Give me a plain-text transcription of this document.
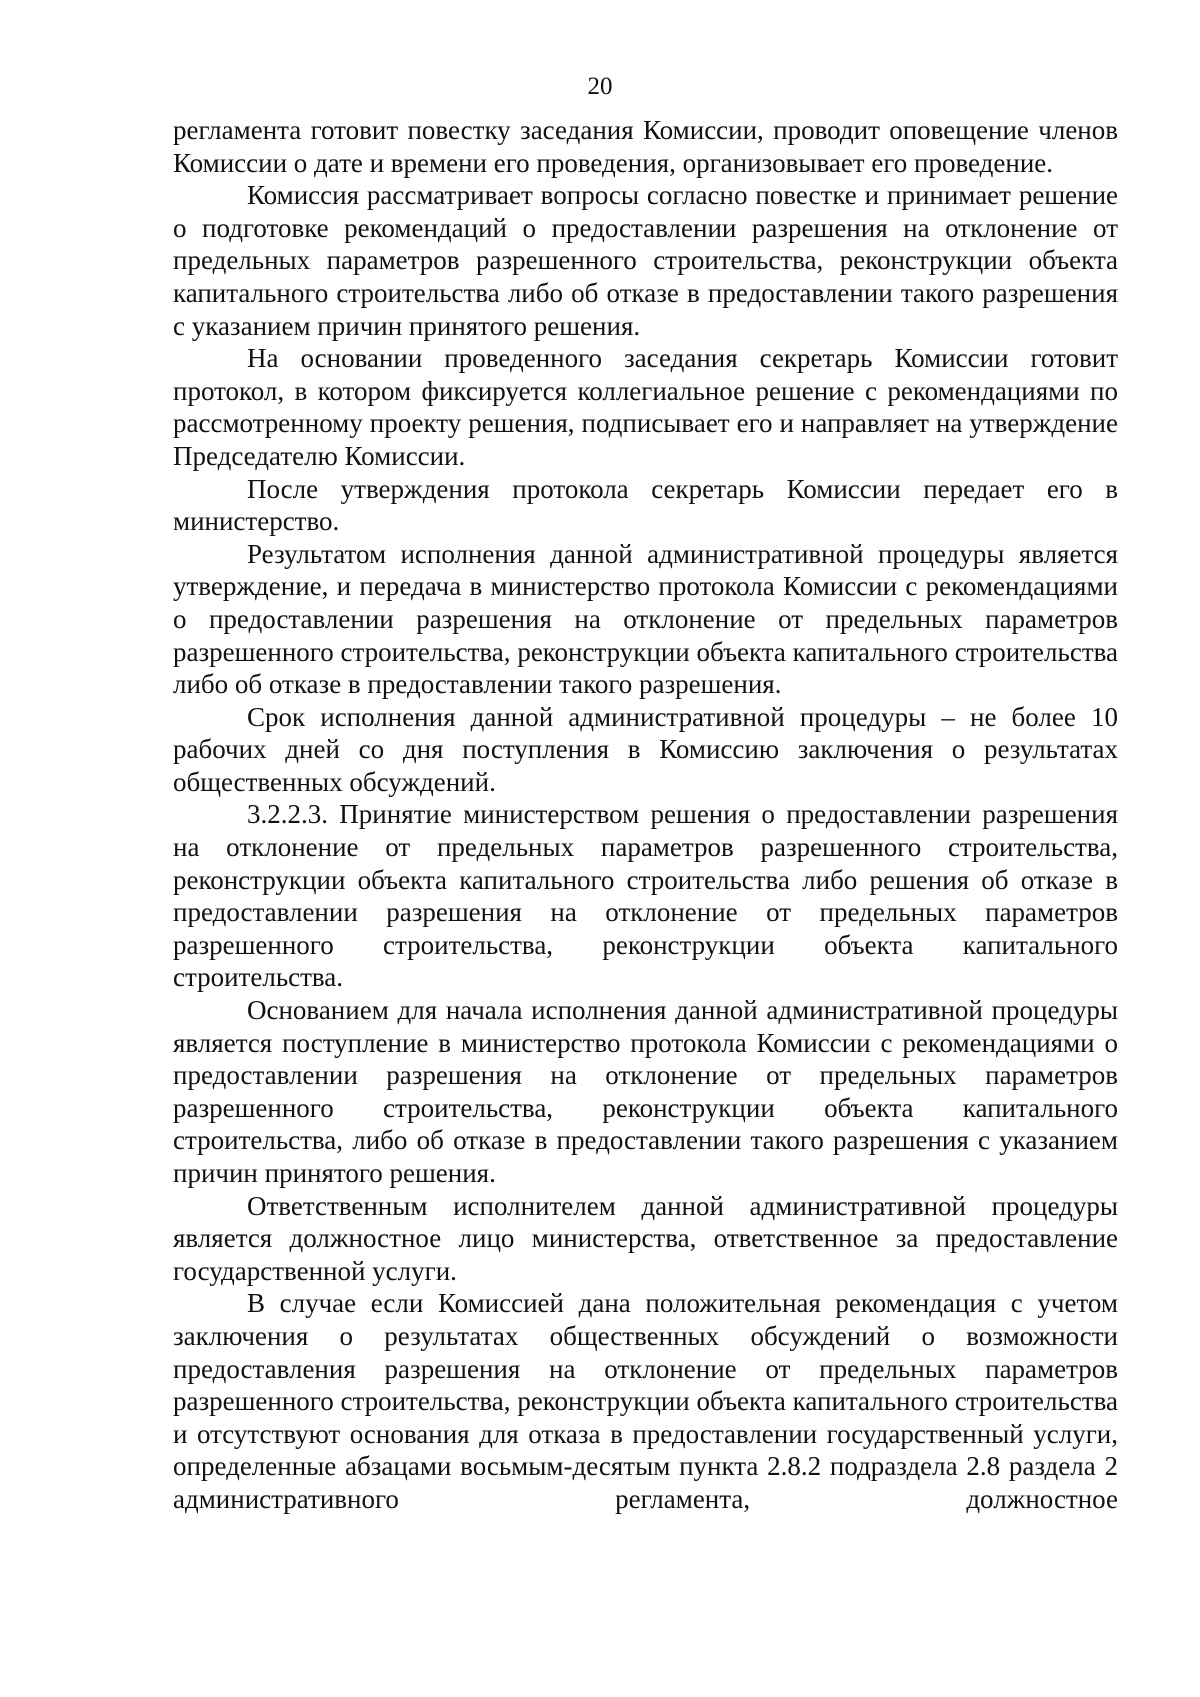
20

регламента готовит повестку заседания Комиссии, проводит оповещение членов Комиссии о дате и времени его проведения, организовывает его проведение.

Комиссия рассматривает вопросы согласно повестке и принимает решение о подготовке рекомендаций о предоставлении разрешения на отклонение от предельных параметров разрешенного строительства, реконструкции объекта капитального строительства либо об отказе в предоставлении такого разрешения с указанием причин принятого решения.

На основании проведенного заседания секретарь Комиссии готовит протокол, в котором фиксируется коллегиальное решение с рекомендациями по рассмотренному проекту решения, подписывает его и направляет на утверждение Председателю Комиссии.

После утверждения протокола секретарь Комиссии передает его в министерство.

Результатом исполнения данной административной процедуры является утверждение, и передача в министерство протокола Комиссии с рекомендациями о предоставлении разрешения на отклонение от предельных параметров разрешенного строительства, реконструкции объекта капитального строительства либо об отказе в предоставлении такого разрешения.

Срок исполнения данной административной процедуры – не более 10 рабочих дней со дня поступления в Комиссию заключения о результатах общественных обсуждений.

3.2.2.3. Принятие министерством решения о предоставлении разрешения на отклонение от предельных параметров разрешенного строительства, реконструкции объекта капитального строительства либо решения об отказе в предоставлении разрешения на отклонение от предельных параметров разрешенного строительства, реконструкции объекта капитального строительства.

Основанием для начала исполнения данной административной процедуры является поступление в министерство протокола Комиссии с рекомендациями о предоставлении разрешения на отклонение от предельных параметров разрешенного строительства, реконструкции объекта капитального строительства, либо об отказе в предоставлении такого разрешения с указанием причин принятого решения.

Ответственным исполнителем данной административной процедуры является должностное лицо министерства, ответственное за предоставление государственной услуги.

В случае если Комиссией дана положительная рекомендация с учетом заключения о результатах общественных обсуждений о возможности предоставления разрешения на отклонение от предельных параметров разрешенного строительства, реконструкции объекта капитального строительства и отсутствуют основания для отказа в предоставлении государственный услуги, определенные абзацами восьмым-десятым пункта 2.8.2 подраздела 2.8 раздела 2 административного регламента, должностное
